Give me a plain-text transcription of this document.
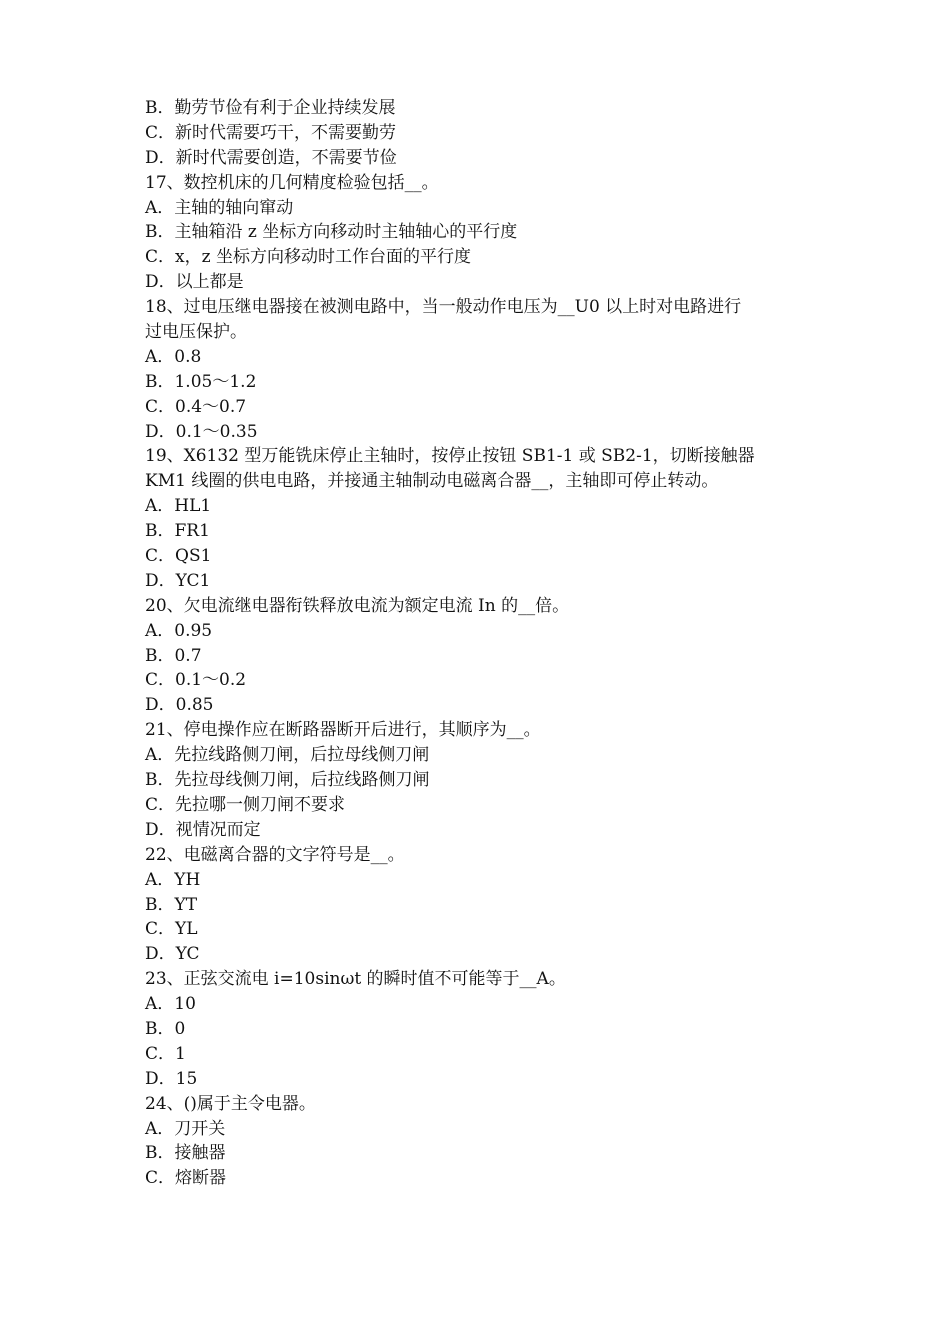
B．勤劳节俭有利于企业持续发展
C．新时代需要巧干，不需要勤劳
D．新时代需要创造，不需要节俭
17、数控机床的几何精度检验包括__。
A．主轴的轴向窜动
B．主轴箱沿 z 坐标方向移动时主轴轴心的平行度
C．x，z 坐标方向移动时工作台面的平行度
D．以上都是
18、过电压继电器接在被测电路中，当一般动作电压为__U0 以上时对电路进行
过电压保护。
A．0.8
B．1.05～1.2
C．0.4～0.7
D．0.1～0.35
19、X6132 型万能铣床停止主轴时，按停止按钮 SB1-1 或 SB2-1，切断接触器
KM1 线圈的供电电路，并接通主轴制动电磁离合器__，主轴即可停止转动。
A．HL1
B．FR1
C．QS1
D．YC1
20、欠电流继电器衔铁释放电流为额定电流 In 的__倍。
A．0.95
B．0.7
C．0.1～0.2
D．0.85
21、停电操作应在断路器断开后进行，其顺序为__。
A．先拉线路侧刀闸，后拉母线侧刀闸
B．先拉母线侧刀闸，后拉线路侧刀闸
C．先拉哪一侧刀闸不要求
D．视情况而定
22、电磁离合器的文字符号是__。
A．YH
B．YT
C．YL
D．YC
23、正弦交流电 i=10sinωt 的瞬时值不可能等于__A。
A．10
B．0
C．1
D．15
24、()属于主令电器。
A．刀开关
B．接触器
C．熔断器
